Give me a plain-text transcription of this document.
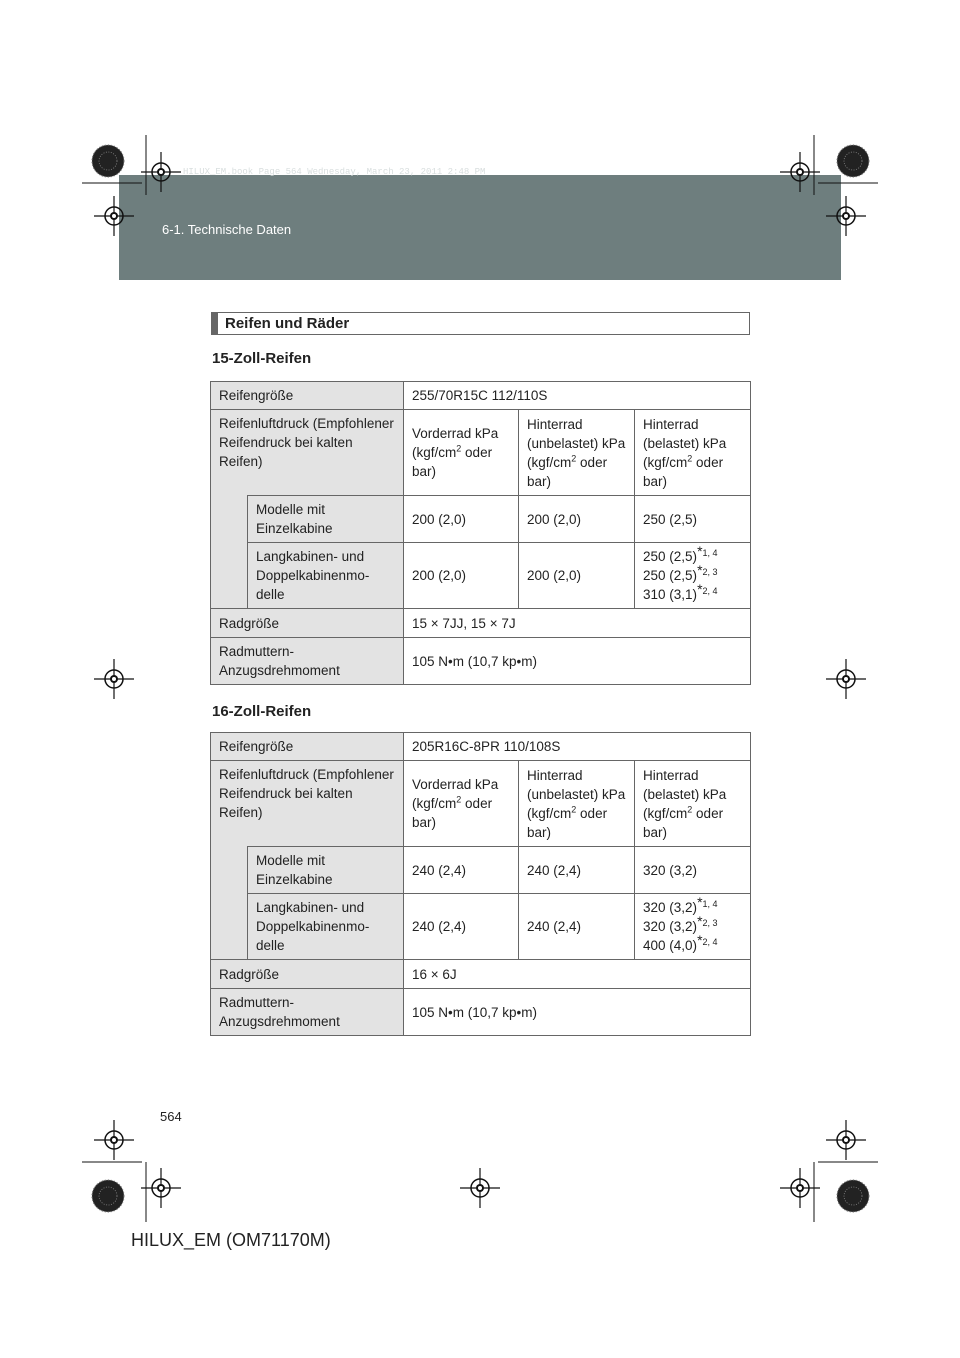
HILUX_EM.book Page 564 Wednesday, March 23, 2011 2:48 PM
6-1. Technische Daten
Reifen und Räder
15-Zoll-Reifen
Reifengröße		255/70R15C 112/110S		
Reifenluftdruck (Empfohlener Reifendruck bei kalten Reifen)		Vorderrad kPa ($kgf/cm^2$ oder bar)	Hinterrad (unbelastet) kPa ($kgf/cm^2$ oder bar)	Hinterrad (belastet) kPa ($kgf/cm^2$ oder bar)
	Modelle mit Einzelkabine	200 (2,0)	200 (2,0)	250 (2,5)
	Langkabinen- und Doppelkabinenmo-delle	200 (2,0)	200 (2,0)	250 $(2,5)^{*1, 4}$
250 $(2,5)^{*2, 3}$
310 $(3,1)^{*2, 4}$

Radgröße		15 × 7JJ, 15 × 7J		
Radmuttern-Anzugsdrehmoment		105 N•m (10,7 kp•m)		
16-Zoll-Reifen
Reifengröße		205R16C-8PR 110/108S		
Reifenluftdruck (Empfohlener Reifendruck bei kalten Reifen)		Vorderrad kPa ($kgf/cm^2$ oder bar)	Hinterrad (unbelastet) kPa ($kgf/cm^2$ oder bar)	Hinterrad (belastet) kPa ($kgf/cm^2$ oder bar)
	Modelle mit Einzelkabine	240 (2,4)	240 (2,4)	320 (3,2)
	Langkabinen- und Doppelkabinenmo-delle	240 (2,4)	240 (2,4)	320 $(3,2)^{*1, 4}$
320 $(3,2)^{*2, 3}$
400 $(4,0)^{*2, 4}$

Radgröße		16 × 6J		
Radmuttern-Anzugsdrehmoment		105 N•m (10,7 kp•m)		
564
HILUX_EM (OM71170M)
